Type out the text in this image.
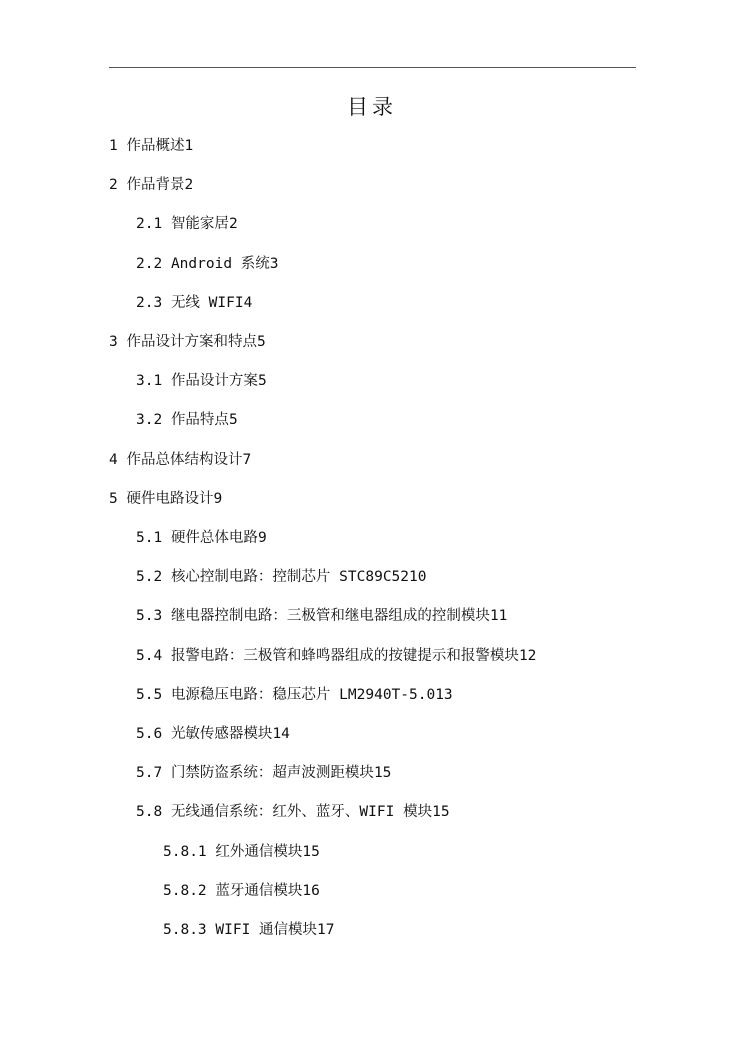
目录
1 作品概述1
2 作品背景2
2.1 智能家居2
2.2 Android 系统3
2.3 无线 WIFI4
3 作品设计方案和特点5
3.1 作品设计方案5
3.2 作品特点5
4 作品总体结构设计7
5 硬件电路设计9
5.1 硬件总体电路9
5.2 核心控制电路：控制芯片 STC89C5210
5.3 继电器控制电路：三极管和继电器组成的控制模块11
5.4 报警电路：三极管和蜂鸣器组成的按键提示和报警模块12
5.5 电源稳压电路：稳压芯片 LM2940T-5.013
5.6 光敏传感器模块14
5.7 门禁防盗系统：超声波测距模块15
5.8 无线通信系统：红外、蓝牙、WIFI 模块15
5.8.1 红外通信模块15
5.8.2 蓝牙通信模块16
5.8.3 WIFI 通信模块17
